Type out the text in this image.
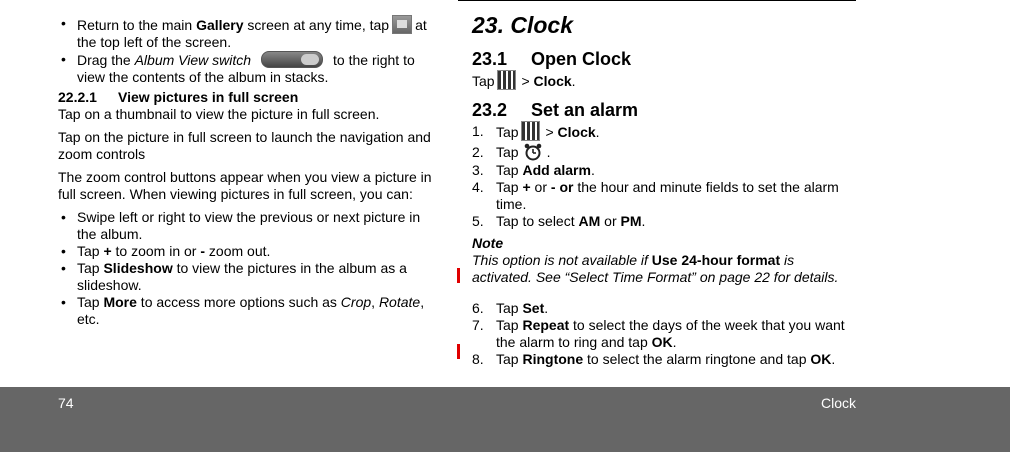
• Return to the main Gallery screen at any time, tap at the top left of the screen.
• Drag the Album View switch	to the right to view the contents of the album in stacks.
22.2.1 View pictures in full screen
Tap on a thumbnail to view the picture in full screen.
Tap on the picture in full screen to launch the navigation and zoom controls
The zoom control buttons appear when you view a picture in full screen. When viewing pictures in full screen, you can:
• Swipe left or right to view the previous or next picture in the album.
• Tap + to zoom in or - zoom out.
• Tap Slideshow to view the pictures in the album as a slideshow.
• Tap More to access more options such as Crop, Rotate, etc.
23. Clock
23.1 Open Clock
Tap > Clock.
23.2 Set an alarm
1. Tap > Clock.
2. Tap .
3. Tap Add alarm.
4. Tap + or - or the hour and minute fields to set the alarm time.
5. Tap to select AM or PM.
Note
This option is not available if Use 24-hour format is activated. See “Select Time Format” on page 22 for details.
6. Tap Set.
7. Tap Repeat to select the days of the week that you want the alarm to ring and tap OK.
8. Tap Ringtone to select the alarm ringtone and tap OK.
74	Clock
